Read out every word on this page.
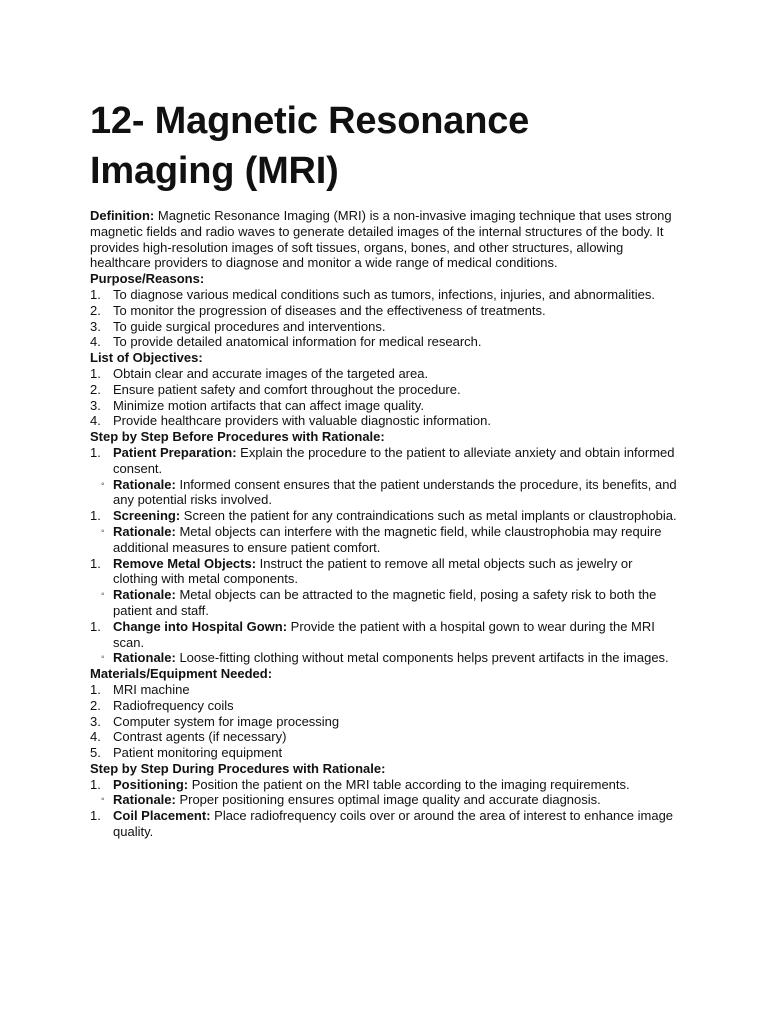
12- Magnetic Resonance Imaging (MRI)

Definition: Magnetic Resonance Imaging (MRI) is a non-invasive imaging technique that uses strong magnetic fields and radio waves to generate detailed images of the internal structures of the body. It provides high-resolution images of soft tissues, organs, bones, and other structures, allowing healthcare providers to diagnose and monitor a wide range of medical conditions.

Purpose/Reasons:

1. To diagnose various medical conditions such as tumors, infections, injuries, and abnormalities.
2. To monitor the progression of diseases and the effectiveness of treatments.
3. To guide surgical procedures and interventions.
4. To provide detailed anatomical information for medical research.

List of Objectives:

1. Obtain clear and accurate images of the targeted area.
2. Ensure patient safety and comfort throughout the procedure.
3. Minimize motion artifacts that can affect image quality.
4. Provide healthcare providers with valuable diagnostic information.

Step by Step Before Procedures with Rationale:

1. Patient Preparation: Explain the procedure to the patient to alleviate anxiety and obtain informed consent.
◦ Rationale: Informed consent ensures that the patient understands the procedure, its benefits, and any potential risks involved.
1. Screening: Screen the patient for any contraindications such as metal implants or claustrophobia.
◦ Rationale: Metal objects can interfere with the magnetic field, while claustrophobia may require additional measures to ensure patient comfort.
1. Remove Metal Objects: Instruct the patient to remove all metal objects such as jewelry or clothing with metal components.
◦ Rationale: Metal objects can be attracted to the magnetic field, posing a safety risk to both the patient and staff.
1. Change into Hospital Gown: Provide the patient with a hospital gown to wear during the MRI scan.
◦ Rationale: Loose-fitting clothing without metal components helps prevent artifacts in the images.

Materials/Equipment Needed:

1. MRI machine
2. Radiofrequency coils
3. Computer system for image processing
4. Contrast agents (if necessary)
5. Patient monitoring equipment

Step by Step During Procedures with Rationale:

1. Positioning: Position the patient on the MRI table according to the imaging requirements.
◦ Rationale: Proper positioning ensures optimal image quality and accurate diagnosis.
1. Coil Placement: Place radiofrequency coils over or around the area of interest to enhance image quality.
